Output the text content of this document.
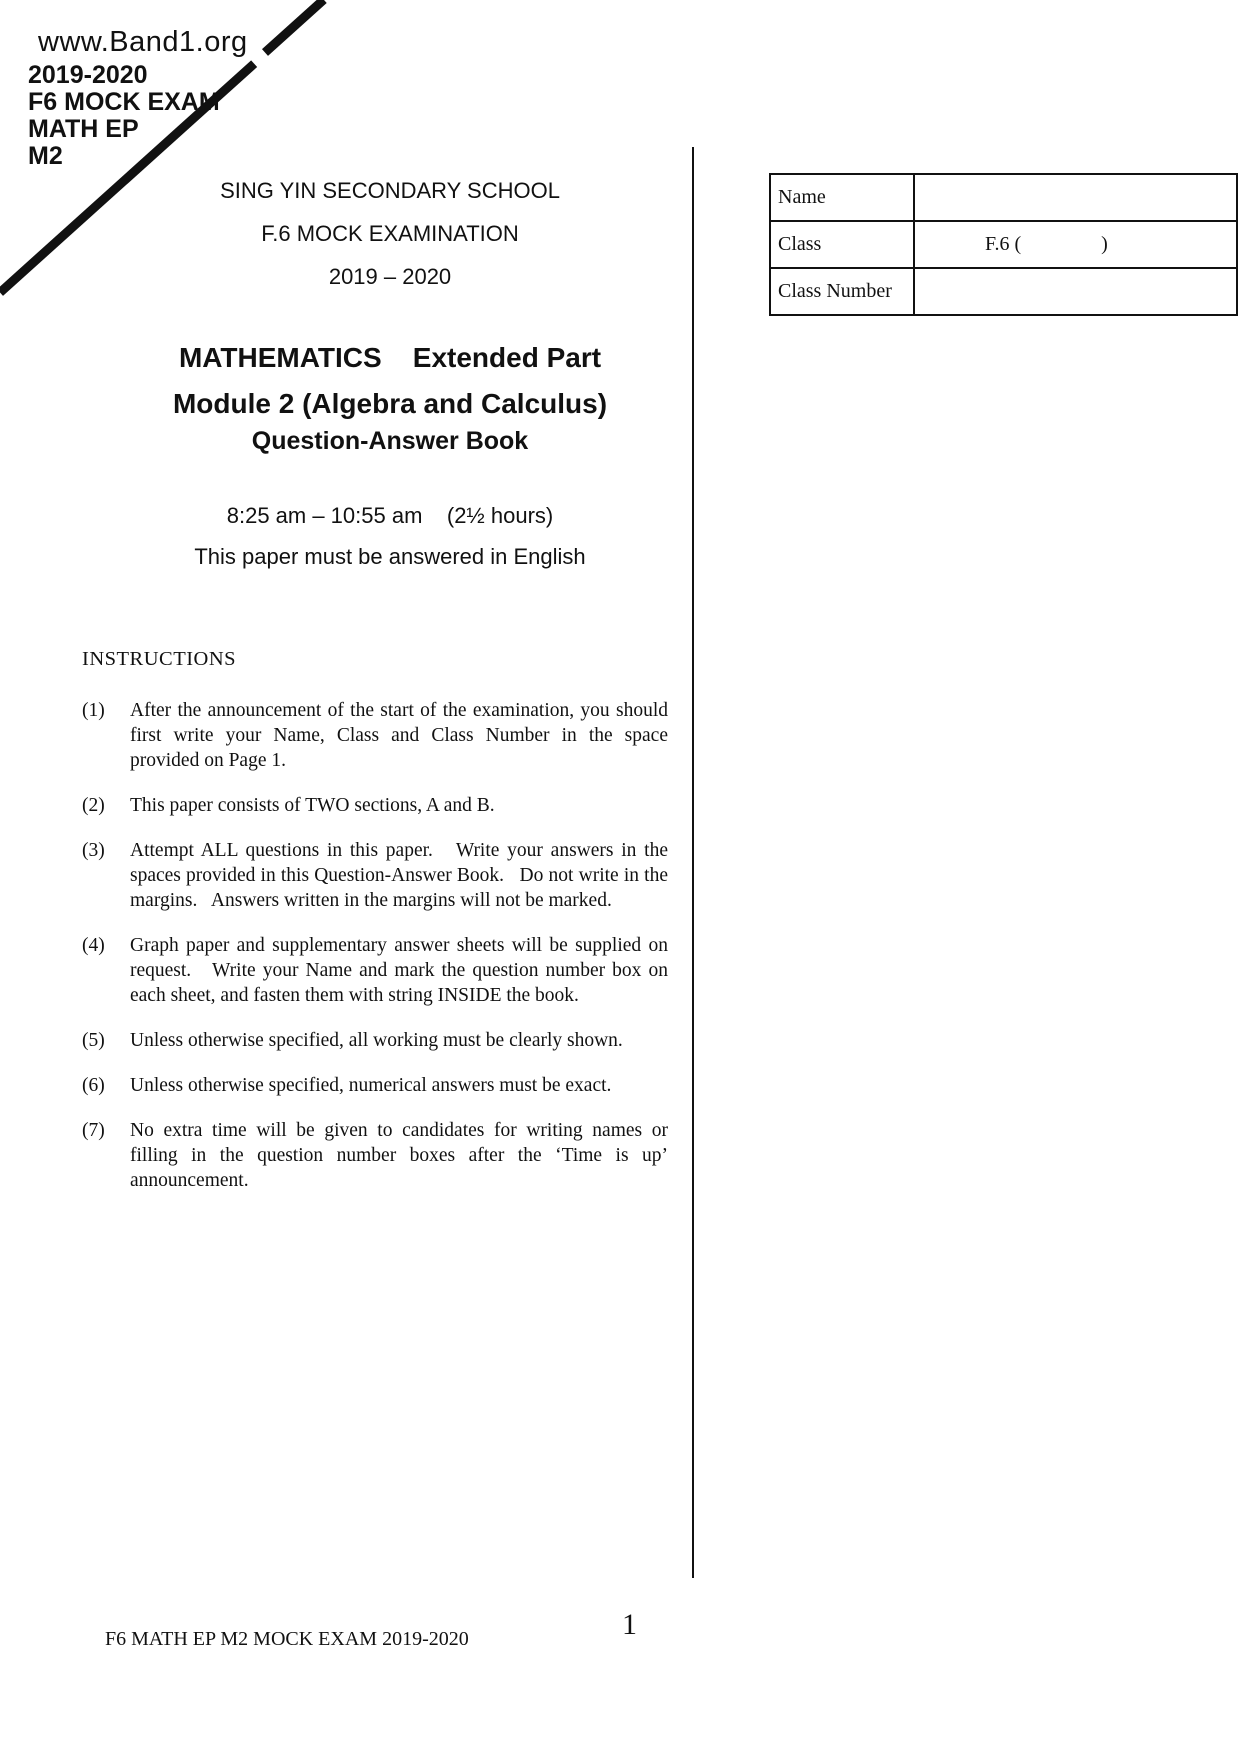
www.Band1.org
2019-2020
F6 MOCK EXAM
MATH EP
M2
SING YIN SECONDARY SCHOOL
F.6 MOCK EXAMINATION
2019 – 2020
MATHEMATICS    Extended Part
Module 2 (Algebra and Calculus)
Question-Answer Book
8:25 am – 10:55 am    (2½ hours)
This paper must be answered in English
Name	
Class	F.6 (                )
Class Number	
INSTRUCTIONS
(1)	After the announcement of the start of the examination, you should first write your Name, Class and Class Number in the space provided on Page 1.
(2)	This paper consists of TWO sections, A and B.
(3)	Attempt ALL questions in this paper.   Write your answers in the spaces provided in this Question-Answer Book.   Do not write in the margins.   Answers written in the margins will not be marked.
(4)	Graph paper and supplementary answer sheets will be supplied on request.   Write your Name and mark the question number box on each sheet, and fasten them with string INSIDE the book.
(5)	Unless otherwise specified, all working must be clearly shown.
(6)	Unless otherwise specified, numerical answers must be exact.
(7)	No extra time will be given to candidates for writing names or filling in the question number boxes after the ‘Time is up’ announcement.
F6 MATH EP M2 MOCK EXAM 2019-2020	1
